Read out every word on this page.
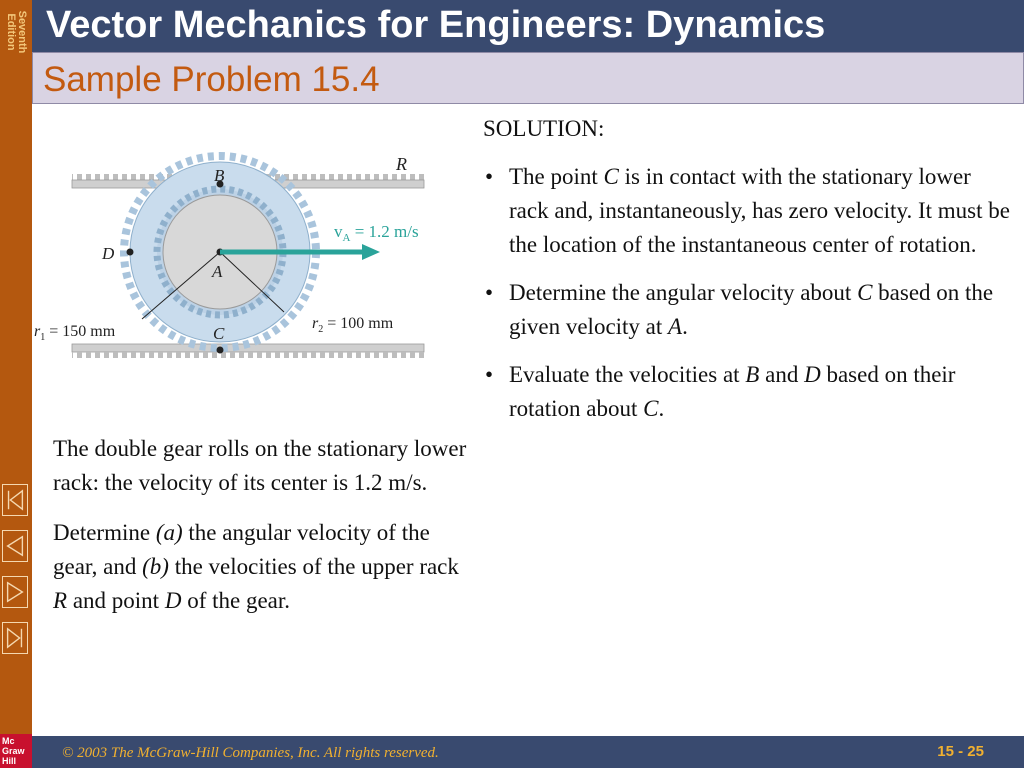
Seventh
Edition
Mc
Graw
Hill
Vector Mechanics for Engineers: Dynamics
Sample Problem 15.4
R
B
D
A
C
$v_A = 1.2$ m/s
$r_1 = 150$ mm	$r_2 = 100$ mm

The double gear rolls on the stationary lower rack: the velocity of its center is 1.2 m/s.

Determine (a) the angular velocity of the gear, and (b) the velocities of the upper rack R and point D of the gear.

SOLUTION:
• The point C is in contact with the stationary lower rack and, instantaneously, has zero velocity. It must be the location of the instantaneous center of rotation.
• Determine the angular velocity about C based on the given velocity at A.
• Evaluate the velocities at B and D based on their rotation about C.
© 2003 The McGraw-Hill Companies, Inc. All rights reserved.	15 - 25
